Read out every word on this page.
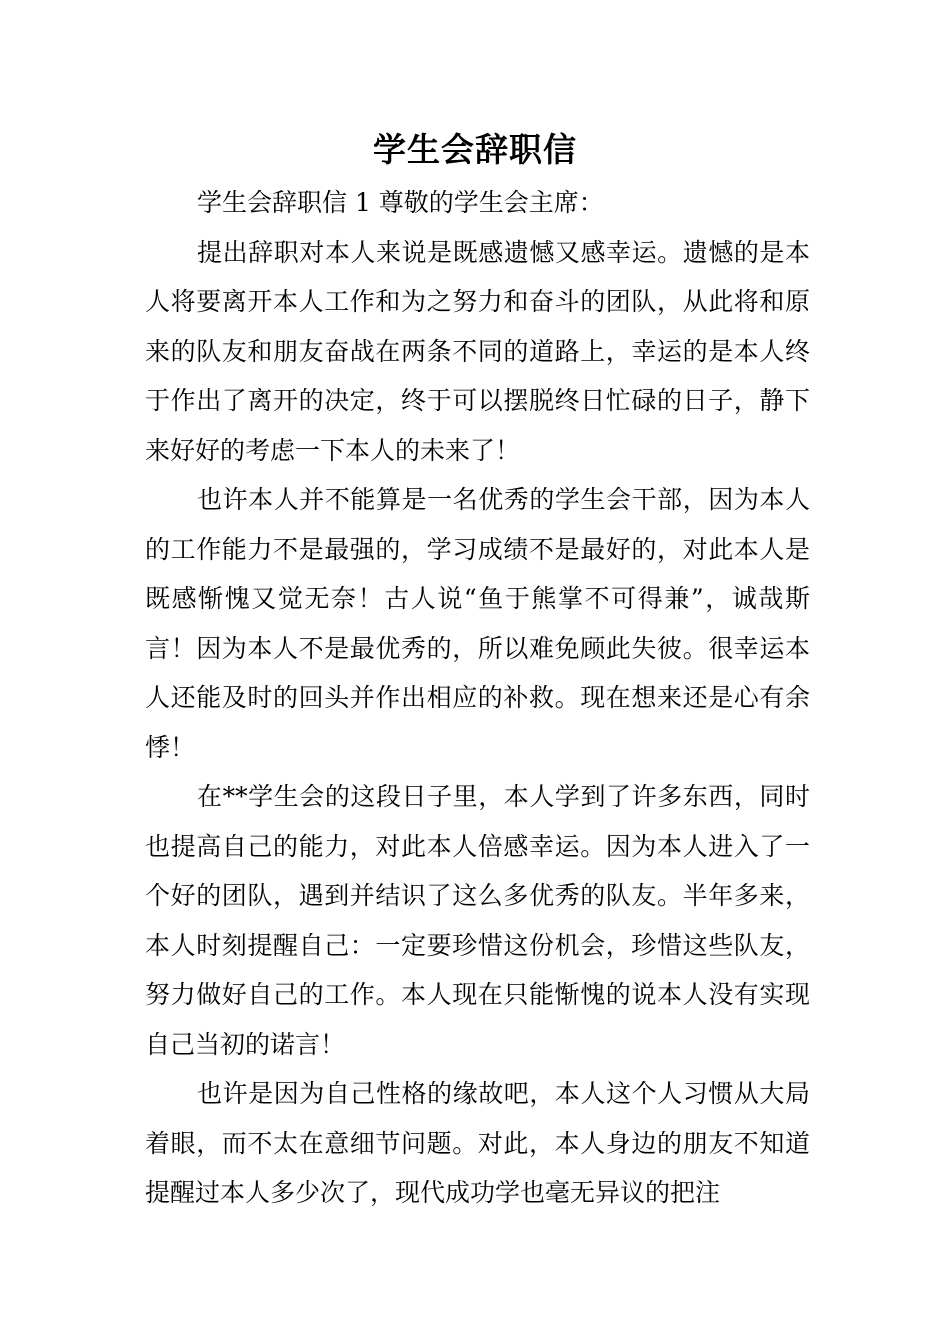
学生会辞职信

学生会辞职信 1 尊敬的学生会主席：

提出辞职对本人来说是既感遗憾又感幸运。遗憾的是本人将要离开本人工作和为之努力和奋斗的团队，从此将和原来的队友和朋友奋战在两条不同的道路上，幸运的是本人终于作出了离开的决定，终于可以摆脱终日忙碌的日子，静下来好好的考虑一下本人的未来了！

也许本人并不能算是一名优秀的学生会干部，因为本人的工作能力不是最强的，学习成绩不是最好的，对此本人是既感惭愧又觉无奈！古人说“鱼于熊掌不可得兼”，诚哉斯言！因为本人不是最优秀的，所以难免顾此失彼。很幸运本人还能及时的回头并作出相应的补救。现在想来还是心有余悸！

在**学生会的这段日子里，本人学到了许多东西，同时也提高自己的能力，对此本人倍感幸运。因为本人进入了一个好的团队，遇到并结识了这么多优秀的队友。半年多来，本人时刻提醒自己：一定要珍惜这份机会，珍惜这些队友，努力做好自己的工作。本人现在只能惭愧的说本人没有实现自己当初的诺言！

也许是因为自己性格的缘故吧，本人这个人习惯从大局着眼，而不太在意细节问题。对此，本人身边的朋友不知道提醒过本人多少次了，现代成功学也毫无异议的把注
